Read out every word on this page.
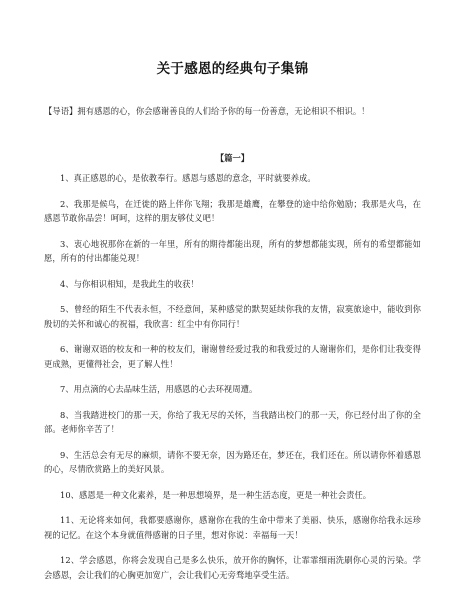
关于感恩的经典句子集锦

【导语】拥有感恩的心，你会感谢善良的人们给予你的每一份善意，无论相识不相识。！

【篇一】

1、真正感恩的心，是依教奉行。感恩与感恩的意念，平时就要养成。
2、我那是候鸟，在迁徙的路上伴你飞翔；我那是雄鹰，在攀登的途中给你勉励；我那是火鸟，在感恩节敢你品尝！呵呵，这样的朋友够仗义吧！
3、衷心地祝那你在新的一年里，所有的期待都能出现，所有的梦想都能实现，所有的希望都能如愿，所有的付出都能兑现！
4、与你相识相知，是我此生的收获！
5、曾经的陌生不代表永恒，不经意间，某种感觉的默契延续你我的友情，寂寞旅途中，能收到你殷切的关怀和诚心的祝福，我欣喜：红尘中有你同行！
6、谢谢双语的校友和一种的校友们，谢谢曾经爱过我的和我爱过的人谢谢你们，是你们让我变得更成熟，更懂得社会，更了解人性！
7、用点滴的心去品味生活，用感恩的心去环视周遭。
8、当我踏进校门的那一天，你给了我无尽的关怀，当我踏出校门的那一天，你已经付出了你的全部。老师你辛苦了！
9、生活总会有无尽的麻烦，请你不要无奈，因为路还在，梦还在，我们还在。所以请你怀着感恩的心，尽情欣赏路上的美好风景。
10、感恩是一种文化素养，是一种思想境界，是一种生活态度，更是一种社会责任。
11、无论将来如何，我都要感谢你，感谢你在我的生命中带来了美丽、快乐，感谢你给我永远珍视的记忆。在这个本身就值得感谢的日子里，想对你说：幸福每一天！
12、学会感恩，你将会发现自己是多么快乐，放开你的胸怀，让霏霏细雨洗刷你心灵的污染。学会感恩，会让我们的心胸更加宽广，会让我们心无旁骛地享受生活。
